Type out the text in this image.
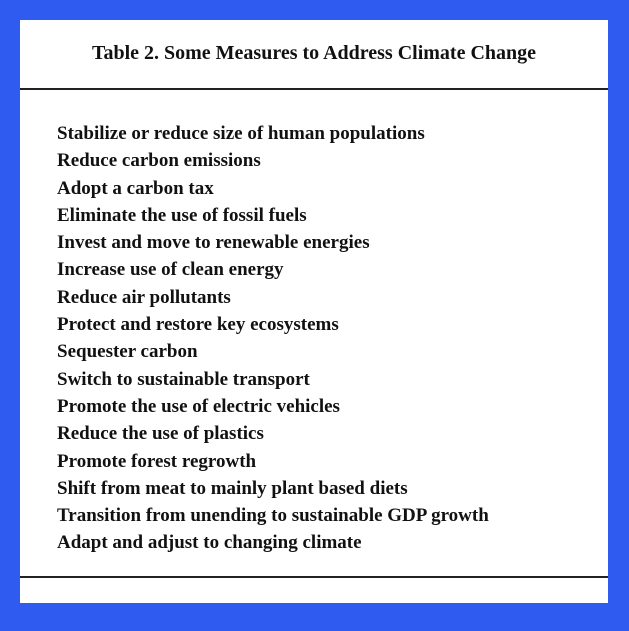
Table 2. Some Measures to Address Climate Change
Stabilize or reduce size of human populations
Reduce carbon emissions
Adopt a carbon tax
Eliminate the use of fossil fuels
Invest and move to renewable energies
Increase use of clean energy
Reduce air pollutants
Protect and restore key ecosystems
Sequester carbon
Switch to sustainable transport
Promote the use of electric vehicles
Reduce the use of plastics
Promote forest regrowth
Shift from meat to mainly plant based diets
Transition from unending to sustainable GDP growth
Adapt and adjust to changing climate
